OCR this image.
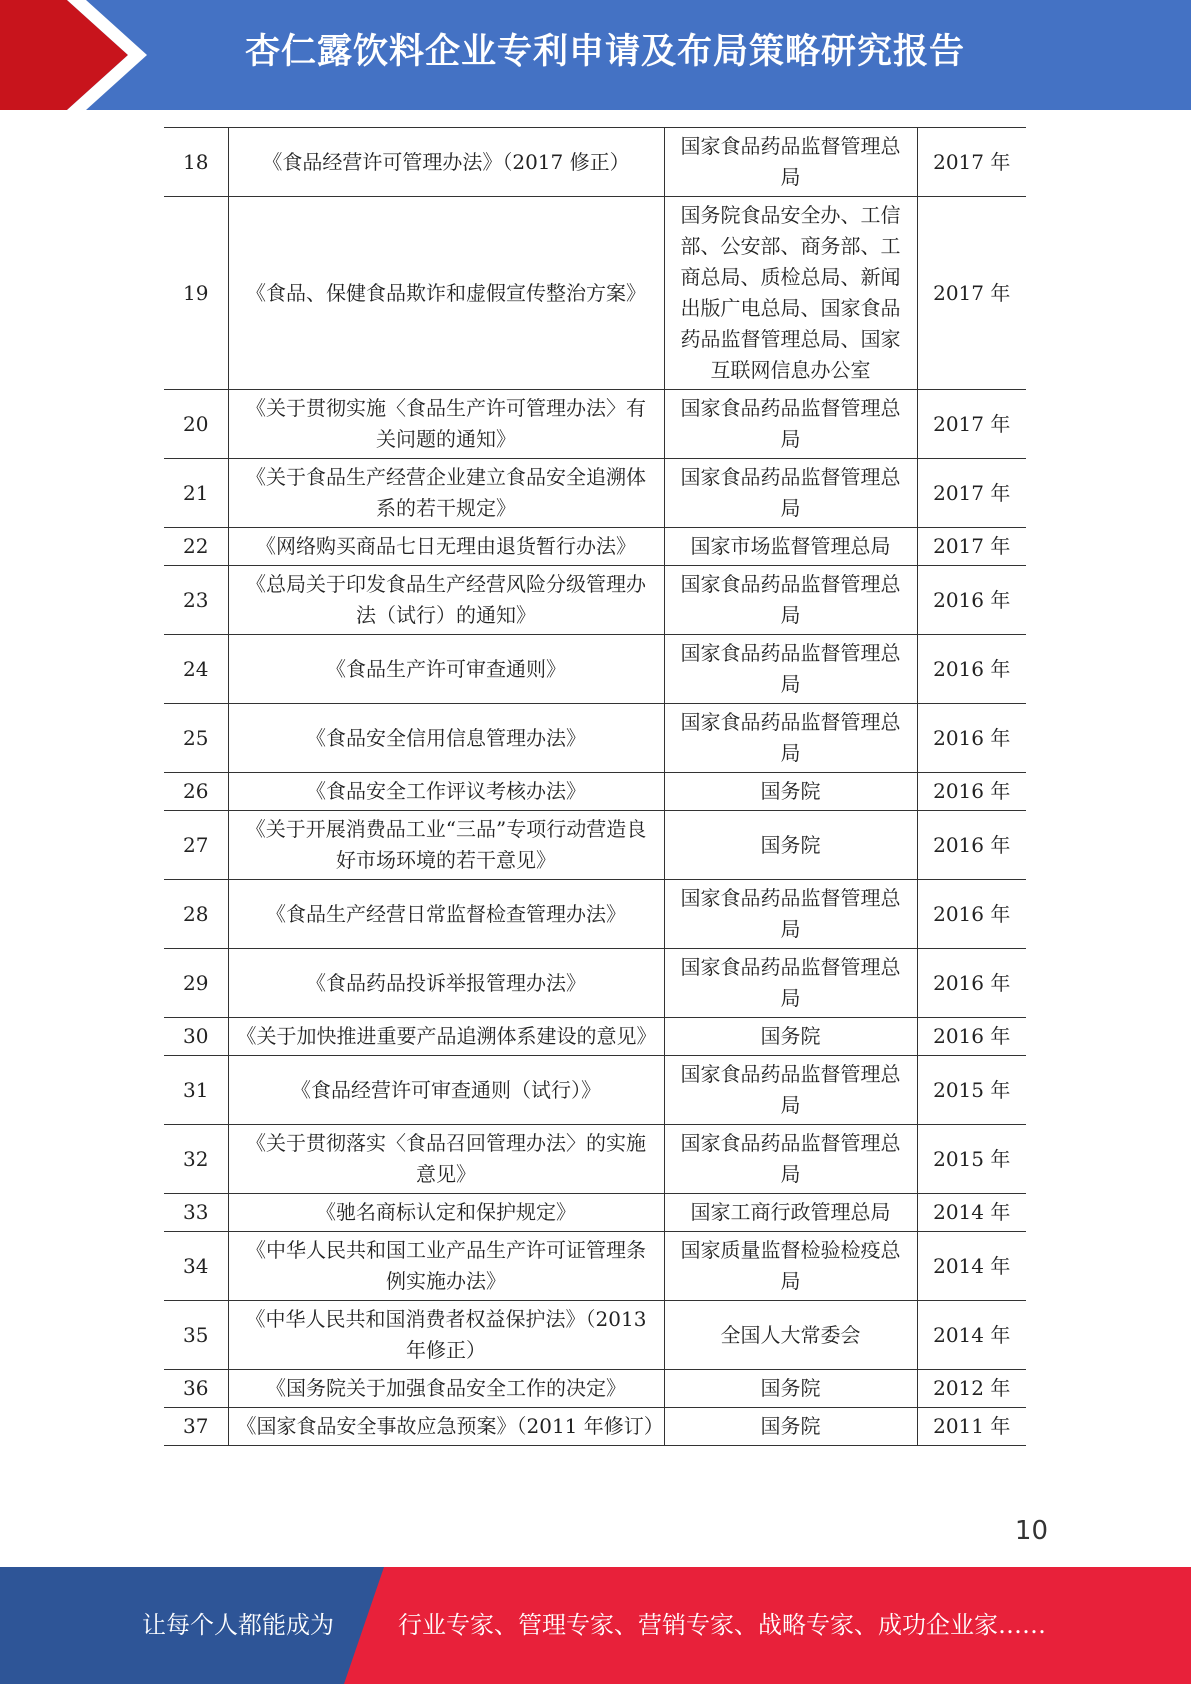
杏仁露饮料企业专利申请及布局策略研究报告
18	《食品经营许可管理办法》（2017 修正）	国家食品药品监督管理总局	2017 年
19	《食品、保健食品欺诈和虚假宣传整治方案》	国务院食品安全办、工信部、公安部、商务部、工商总局、质检总局、新闻出版广电总局、国家食品药品监督管理总局、国家互联网信息办公室	2017 年
20	《关于贯彻实施〈食品生产许可管理办法〉有关问题的通知》	国家食品药品监督管理总局	2017 年
21	《关于食品生产经营企业建立食品安全追溯体系的若干规定》	国家食品药品监督管理总局	2017 年
22	《网络购买商品七日无理由退货暂行办法》	国家市场监督管理总局	2017 年
23	《总局关于印发食品生产经营风险分级管理办法（试行）的通知》	国家食品药品监督管理总局	2016 年
24	《食品生产许可审查通则》	国家食品药品监督管理总局	2016 年
25	《食品安全信用信息管理办法》	国家食品药品监督管理总局	2016 年
26	《食品安全工作评议考核办法》	国务院	2016 年
27	《关于开展消费品工业“三品”专项行动营造良好市场环境的若干意见》	国务院	2016 年
28	《食品生产经营日常监督检查管理办法》	国家食品药品监督管理总局	2016 年
29	《食品药品投诉举报管理办法》	国家食品药品监督管理总局	2016 年
30	《关于加快推进重要产品追溯体系建设的意见》	国务院	2016 年
31	《食品经营许可审查通则（试行）》	国家食品药品监督管理总局	2015 年
32	《关于贯彻落实〈食品召回管理办法〉的实施意见》	国家食品药品监督管理总局	2015 年
33	《驰名商标认定和保护规定》	国家工商行政管理总局	2014 年
34	《中华人民共和国工业产品生产许可证管理条例实施办法》	国家质量监督检验检疫总局	2014 年
35	《中华人民共和国消费者权益保护法》（2013 年修正）	全国人大常委会	2014 年
36	《国务院关于加强食品安全工作的决定》	国务院	2012 年
37	《国家食品安全事故应急预案》（2011 年修订）	国务院	2011 年
10
让每个人都能成为	行业专家、管理专家、营销专家、战略专家、成功企业家……
